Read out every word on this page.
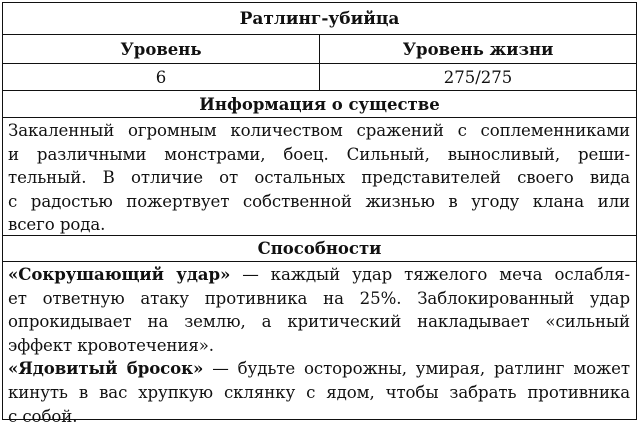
Ратлинг-убийца
Уровень	Уровень жизни
6	275/275
Информация о существе
Закаленный огромным количеством сражений с соплеменниками
и различными монстрами, боец. Сильный, выносливый, реши-
тельный. В отличие от остальных представителей своего вида
с радостью пожертвует собственной жизнью в угоду клана или
всего рода.
Способности
«Сокрушающий удар» — каждый удар тяжелого меча ослабля-
ет ответную атаку противника на 25%. Заблокированный удар
опрокидывает на землю, а критический накладывает «сильный
эффект кровотечения».
«Ядовитый бросок» — будьте осторожны, умирая, ратлинг может
кинуть в вас хрупкую склянку с ядом, чтобы забрать противника
с собой.
